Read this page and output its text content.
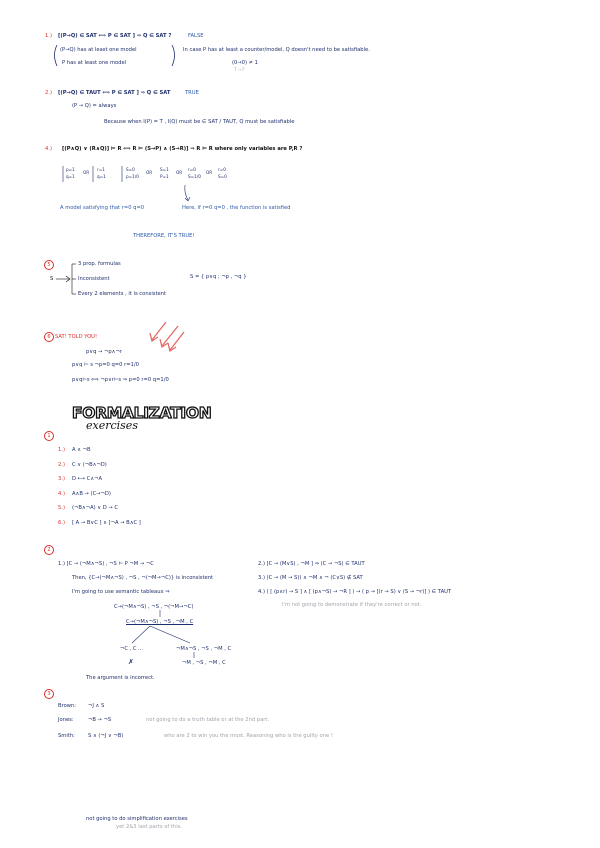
1.) [(P→Q) ∈ SAT ⟺ P ∈ SAT ] ⇒ Q ∈ SAT ?	FALSE
(P→Q) has at least one model
P has at least one model
In case P has at least a counter/model, Q doesn't need to be satisfiable.
(0→0) ≠ 1
T → F
2.) [(P→Q) ∈ TAUT ⟺ P ∈ SAT ] ⇒ Q ∈ SAT	TRUE
(P → Q) = always
Because when I(P) = T , I(Q) must be ∈ SAT / TAUT, Q must be satisfiable
4.) [(P∧Q) ∨ (R∧Q)] ⊨ R ⟺ R ⊨ (S→P) ∧ (S→R)] ⇒ R ⊨ R where only variables are P,R ?
p=1
q=1
OR
r=1
q=1
S=0
p=1/0
OR
S=1
P=1
OR
r=0
S=1/0
OR
r=0
S=0
A model satisfying that r=0 q=0	Here, if r=0 q=0 , the function is satisfied
THEREFORE, IT'S TRUE!
5
S
3 prop. formulas
Inconsistent
Every 2 elements , it is consistent
S = { p∨q ; ¬p , ¬q }
6 SAT! TOLD YOU!
p∨q → ¬p∧¬r
p∨q ⊨ s ¬p=0 q=0 r=1/0
p∨q⊨s ⟺ ¬p∨r⊨s ⇒ p=0 r=0 q=1/0
FORMALIZATION
exercises
1
1.) A ∧ ¬B
2.) C ∨ (¬B∧¬D)
3.) D ⟷ C∧¬A
4.) A∧B → (C→¬D)
5.) (¬B∧¬A) ∨ D → C
6.) [ A → B∨C ] ∧ [¬A → B∧C ]
2
1.) [C → (¬M∧¬S) , ¬S ⊨ P ¬M → ¬C
Then, {C→(¬M∧¬S) , ¬S , ¬(¬M→¬C)} is inconsistent
I'm going to use semantic tableaux ⇒
C→(¬M∧¬S) , ¬S , ¬(¬M→¬C)
C→(¬M∧¬S) , ¬S , ¬M , C
¬C , C ...	¬M∧¬S , ¬S , ¬M , C
¬M , ¬S , ¬M , C
✗
The argument is incorrect.
2.) [C → (M∨S) , ¬M ] ⇒ (C → ¬S) ∈ TAUT
3.) (C → (M → S)) ∧ ¬M ∧ ¬ (C∨S) ∉ SAT
4.) ( [ (p∧r) → S ] ∧ [ (p∧¬S) → ¬R ] ) → ( p → [(r → S) ∨ (S → ¬r)] ) ∈ TAUT
I'm not going to demonstrate if they're correct or not.
3
Brown: ¬J ∧ S
Jones:	¬B → ¬S	not going to do a truth table or at the 2nd part.
Smith:	S ∧ (¬J ∨ ¬B)	who are 2 to win you the most. Reasoning who is the guilty one !
not going to do simplification exercises
yet 2&3 last parts of this.
